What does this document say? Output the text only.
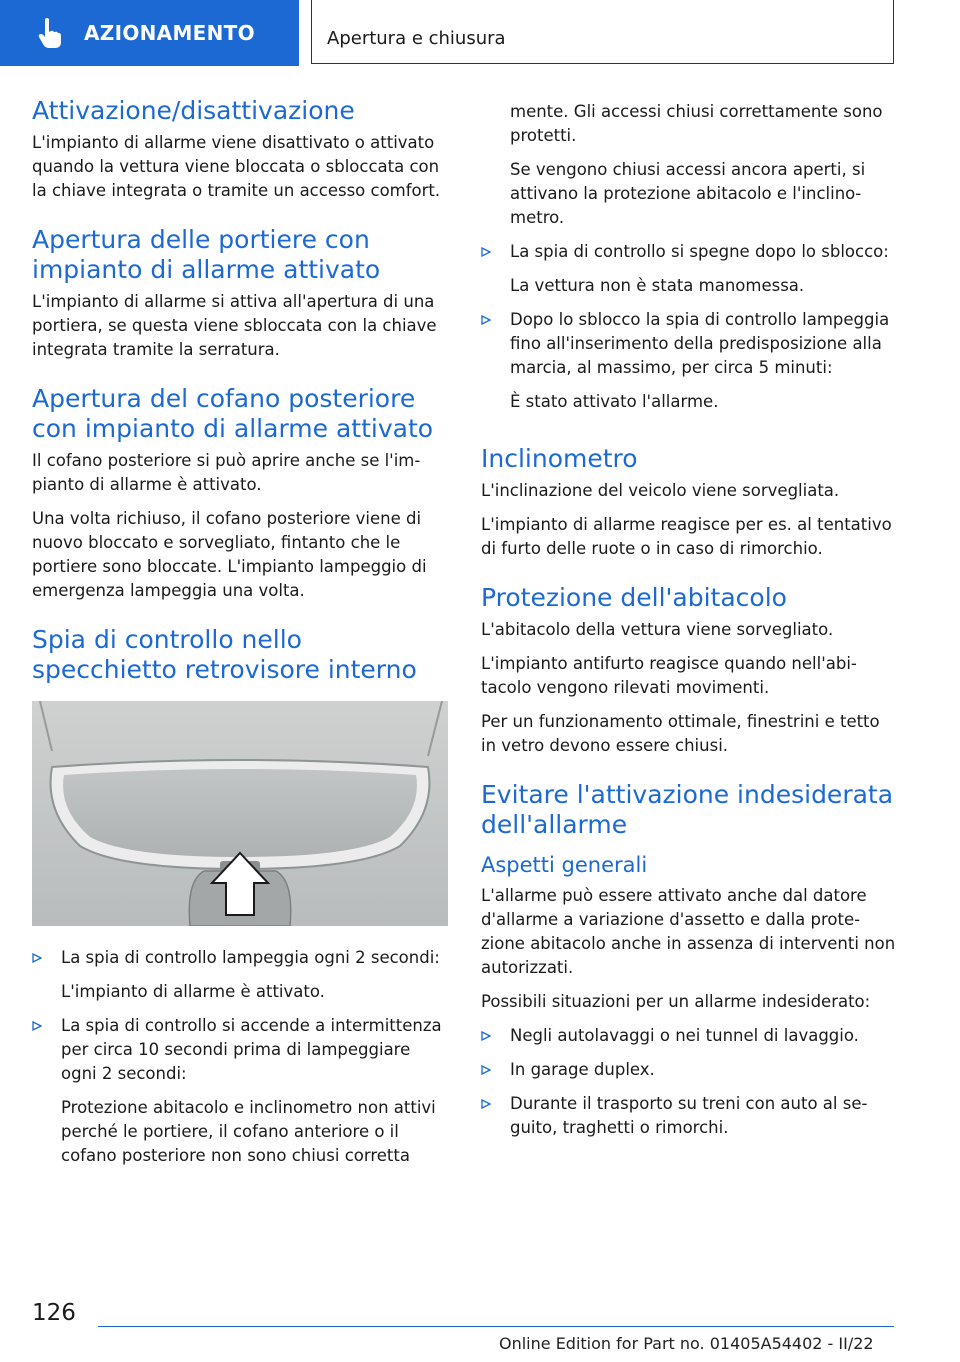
AZIONAMENTO	Apertura e chiusura
Attivazione/disattivazione

L'impianto di allarme viene disattivato o attivato quando la vettura viene bloccata o sbloccata con la chiave integrata o tramite un accesso comfort.

Apertura delle portiere con impianto di allarme attivato

L'impianto di allarme si attiva all'apertura di una portiera, se questa viene sbloccata con la chiave integrata tramite la serratura.

Apertura del cofano posteriore con impianto di allarme attivato

Il cofano posteriore si può aprire anche se l'impianto di allarme è attivato.

Una volta richiuso, il cofano posteriore viene di nuovo bloccato e sorvegliato, fintanto che le portiere sono bloccate. L'impianto lampeggio di emergenza lampeggia una volta.

Spia di controllo nello specchietto retrovisore interno
La spia di controllo lampeggia ogni 2 secondi:

L'impianto di allarme è attivato.

La spia di controllo si accende a intermittenza per circa 10 secondi prima di lampeggiare ogni 2 secondi:

Protezione abitacolo e inclinometro non attivi perché le portiere, il cofano anteriore o il cofano posteriore non sono chiusi corretta

mente. Gli accessi chiusi correttamente sono protetti.

Se vengono chiusi accessi ancora aperti, si attivano la protezione abitacolo e l'inclinometro.

La spia di controllo si spegne dopo lo sblocco:

La vettura non è stata manomessa.

Dopo lo sblocco la spia di controllo lampeggia fino all'inserimento della predisposizione alla marcia, al massimo, per circa 5 minuti:

È stato attivato l'allarme.

Inclinometro

L'inclinazione del veicolo viene sorvegliata.

L'impianto di allarme reagisce per es. al tentativo di furto delle ruote o in caso di rimorchio.

Protezione dell'abitacolo

L'abitacolo della vettura viene sorvegliato.

L'impianto antifurto reagisce quando nell'abitacolo vengono rilevati movimenti.

Per un funzionamento ottimale, finestrini e tetto in vetro devono essere chiusi.

Evitare l'attivazione indesiderata dell'allarme
Aspetti generali

L'allarme può essere attivato anche dal datore d'allarme a variazione d'assetto e dalla protezione abitacolo anche in assenza di interventi non autorizzati.

Possibili situazioni per un allarme indesiderato:

Negli autolavaggi o nei tunnel di lavaggio.
In garage duplex.
Durante il trasporto su treni con auto al seguito, traghetti o rimorchi.
126
Online Edition for Part no. 01405A54402 - II/22
